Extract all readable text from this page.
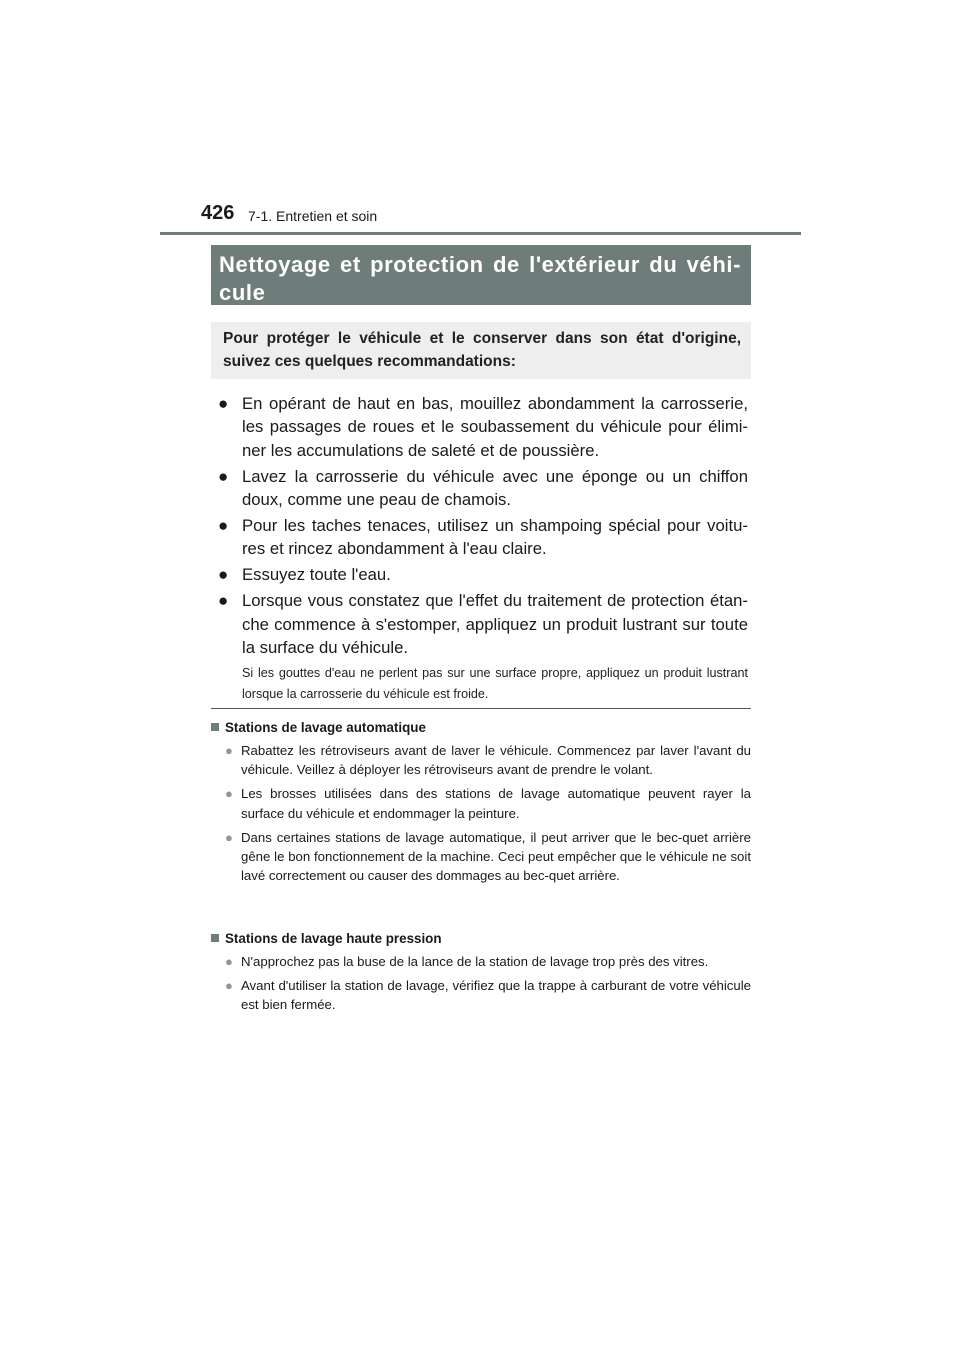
426 7-1. Entretien et soin

Nettoyage et protection de l'extérieur du véhi-cule

Pour protéger le véhicule et le conserver dans son état d'origine, suivez ces quelques recommandations:

● En opérant de haut en bas, mouillez abondamment la carrosserie, les passages de roues et le soubassement du véhicule pour élimi-ner les accumulations de saleté et de poussière.
● Lavez la carrosserie du véhicule avec une éponge ou un chiffon doux, comme une peau de chamois.
● Pour les taches tenaces, utilisez un shampoing spécial pour voitu-res et rincez abondamment à l'eau claire.
● Essuyez toute l'eau.
● Lorsque vous constatez que l'effet du traitement de protection étan-che commence à s'estomper, appliquez un produit lustrant sur toute la surface du véhicule.
Si les gouttes d'eau ne perlent pas sur une surface propre, appliquez un produit lustrant lorsque la carrosserie du véhicule est froide.
Stations de lavage automatique
● Rabattez les rétroviseurs avant de laver le véhicule. Commencez par laver l'avant du véhicule. Veillez à déployer les rétroviseurs avant de prendre le volant.
● Les brosses utilisées dans des stations de lavage automatique peuvent rayer la surface du véhicule et endommager la peinture.
● Dans certaines stations de lavage automatique, il peut arriver que le bec-quet arrière gêne le bon fonctionnement de la machine. Ceci peut empêcher que le véhicule ne soit lavé correctement ou causer des dommages au bec-quet arrière.
Stations de lavage haute pression
● N'approchez pas la buse de la lance de la station de lavage trop près des vitres.
● Avant d'utiliser la station de lavage, vérifiez que la trappe à carburant de votre véhicule est bien fermée.
